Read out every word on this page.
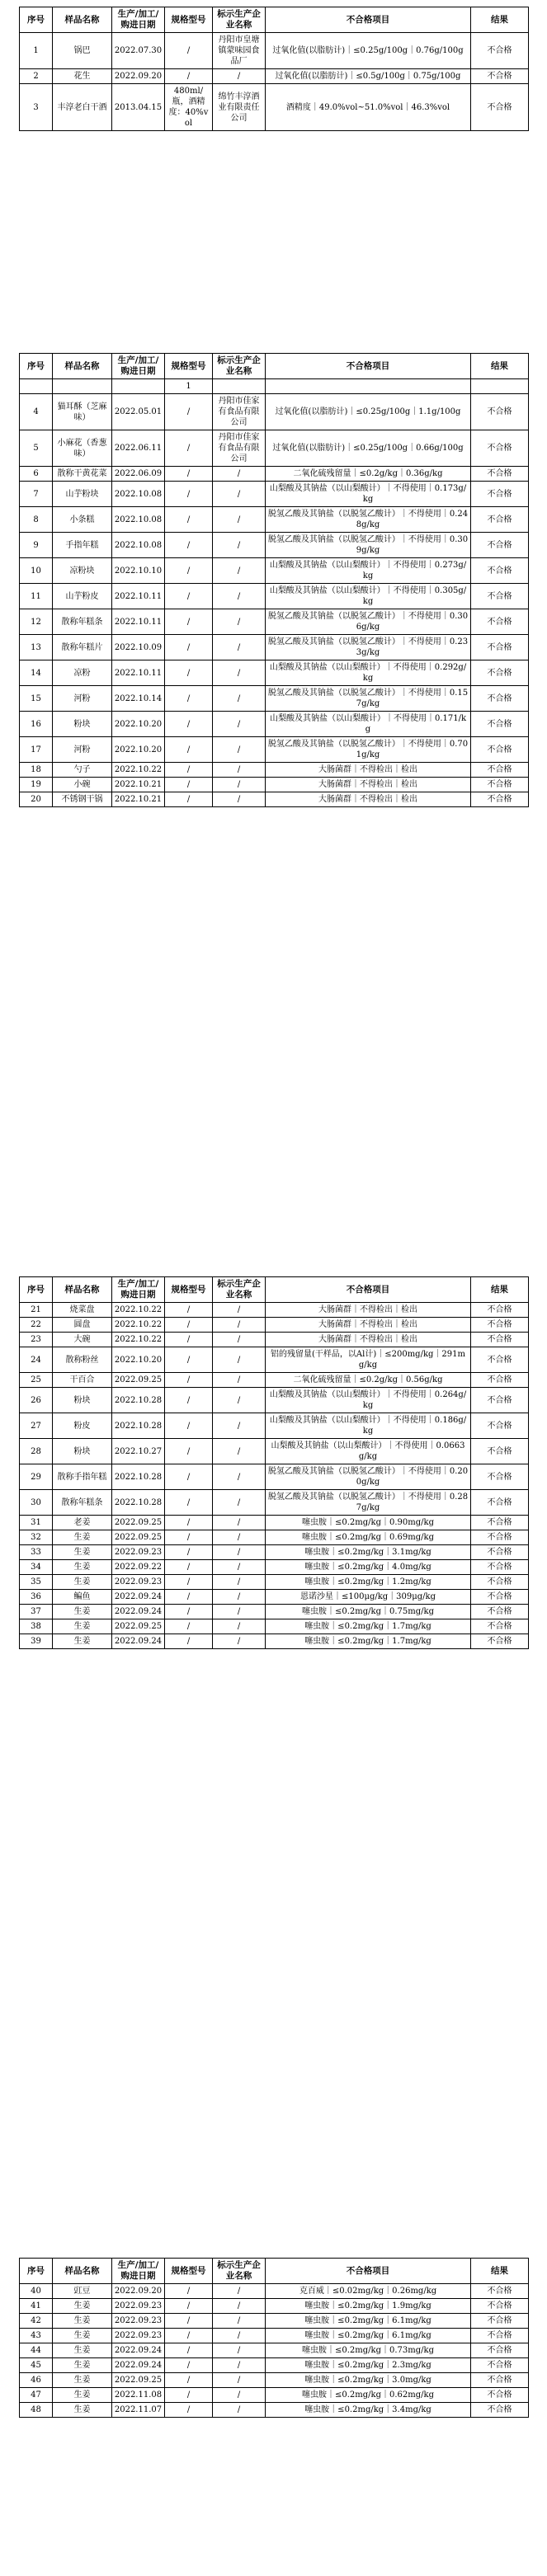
序号	样品名称	生产/加工/购进日期	规格型号	标示生产企业名称	不合格项目	结果
1	锅巴	2022.07.30	/	丹阳市皇塘镇蒙味园食品厂	过氧化值(以脂肪计)｜≤0.25g/100g｜0.76g/100g	不合格
2	花生	2022.09.20	/	/	过氧化值(以脂肪计)｜≤0.5g/100g｜0.75g/100g	不合格
3	丰淳老白干酒	2013.04.15	480ml/瓶，酒精度：40%vol	绵竹丰淳酒业有限责任公司	酒精度｜49.0%vol~51.0%vol｜46.3%vol	不合格
序号	样品名称	生产/加工/购进日期	规格型号	标示生产企业名称	不合格项目	结果
			1			
4	猫耳酥（芝麻味）	2022.05.01	/	丹阳市佳家有食品有限公司	过氧化值(以脂肪计)｜≤0.25g/100g｜1.1g/100g	不合格
5	小麻花（香葱味）	2022.06.11	/	丹阳市佳家有食品有限公司	过氧化值(以脂肪计)｜≤0.25g/100g｜0.66g/100g	不合格
6	散称干黄花菜	2022.06.09	/	/	二氧化硫残留量｜≤0.2g/kg｜0.36g/kg	不合格
7	山芋粉块	2022.10.08	/	/	山梨酸及其钠盐（以山梨酸计）｜不得使用｜0.173g/kg	不合格
8	小条糕	2022.10.08	/	/	脱氢乙酸及其钠盐（以脱氢乙酸计）｜不得使用｜0.248g/kg	不合格
9	手指年糕	2022.10.08	/	/	脱氢乙酸及其钠盐（以脱氢乙酸计）｜不得使用｜0.309g/kg	不合格
10	凉粉块	2022.10.10	/	/	山梨酸及其钠盐（以山梨酸计）｜不得使用｜0.273g/kg	不合格
11	山芋粉皮	2022.10.11	/	/	山梨酸及其钠盐（以山梨酸计）｜不得使用｜0.305g/kg	不合格
12	散称年糕条	2022.10.11	/	/	脱氢乙酸及其钠盐（以脱氢乙酸计）｜不得使用｜0.306g/kg	不合格
13	散称年糕片	2022.10.09	/	/	脱氢乙酸及其钠盐（以脱氢乙酸计）｜不得使用｜0.233g/kg	不合格
14	凉粉	2022.10.11	/	/	山梨酸及其钠盐（以山梨酸计）｜不得使用｜0.292g/kg	不合格
15	河粉	2022.10.14	/	/	脱氢乙酸及其钠盐（以脱氢乙酸计）｜不得使用｜0.157g/kg	不合格
16	粉块	2022.10.20	/	/	山梨酸及其钠盐（以山梨酸计）｜不得使用｜0.171/kg	不合格
17	河粉	2022.10.20	/	/	脱氢乙酸及其钠盐（以脱氢乙酸计）｜不得使用｜0.701g/kg	不合格
18	勺子	2022.10.22	/	/	大肠菌群｜不得检出｜检出	不合格
19	小碗	2022.10.21	/	/	大肠菌群｜不得检出｜检出	不合格
20	不锈钢干锅	2022.10.21	/	/	大肠菌群｜不得检出｜检出	不合格
序号	样品名称	生产/加工/购进日期	规格型号	标示生产企业名称	不合格项目	结果
21	烧菜盘	2022.10.22	/	/	大肠菌群｜不得检出｜检出	不合格
22	圆盘	2022.10.22	/	/	大肠菌群｜不得检出｜检出	不合格
23	大碗	2022.10.22	/	/	大肠菌群｜不得检出｜检出	不合格
24	散称粉丝	2022.10.20	/	/	铝的残留量(干样品，以Al计)｜≤200mg/kg｜291mg/kg	不合格
25	干百合	2022.09.25	/	/	二氧化硫残留量｜≤0.2g/kg｜0.56g/kg	不合格
26	粉块	2022.10.28	/	/	山梨酸及其钠盐（以山梨酸计）｜不得使用｜0.264g/kg	不合格
27	粉皮	2022.10.28	/	/	山梨酸及其钠盐（以山梨酸计）｜不得使用｜0.186g/kg	不合格
28	粉块	2022.10.27	/	/	山梨酸及其钠盐（以山梨酸计）｜不得使用｜0.0663g/kg	不合格
29	散称手指年糕	2022.10.28	/	/	脱氢乙酸及其钠盐（以脱氢乙酸计）｜不得使用｜0.200g/kg	不合格
30	散称年糕条	2022.10.28	/	/	脱氢乙酸及其钠盐（以脱氢乙酸计）｜不得使用｜0.287g/kg	不合格
31	老姜	2022.09.25	/	/	噻虫胺｜≤0.2mg/kg｜0.90mg/kg	不合格
32	生姜	2022.09.25	/	/	噻虫胺｜≤0.2mg/kg｜0.69mg/kg	不合格
33	生姜	2022.09.23	/	/	噻虫胺｜≤0.2mg/kg｜3.1mg/kg	不合格
34	生姜	2022.09.22	/	/	噻虫胺｜≤0.2mg/kg｜4.0mg/kg	不合格
35	生姜	2022.09.23	/	/	噻虫胺｜≤0.2mg/kg｜1.2mg/kg	不合格
36	鳊鱼	2022.09.24	/	/	恩诺沙星｜≤100μg/kg｜309μg/kg	不合格
37	生姜	2022.09.24	/	/	噻虫胺｜≤0.2mg/kg｜0.75mg/kg	不合格
38	生姜	2022.09.25	/	/	噻虫胺｜≤0.2mg/kg｜1.7mg/kg	不合格
39	生姜	2022.09.24	/	/	噻虫胺｜≤0.2mg/kg｜1.7mg/kg	不合格
序号	样品名称	生产/加工/购进日期	规格型号	标示生产企业名称	不合格项目	结果
40	豇豆	2022.09.20	/	/	克百威｜≤0.02mg/kg｜0.26mg/kg	不合格
41	生姜	2022.09.23	/	/	噻虫胺｜≤0.2mg/kg｜1.9mg/kg	不合格
42	生姜	2022.09.23	/	/	噻虫胺｜≤0.2mg/kg｜6.1mg/kg	不合格
43	生姜	2022.09.23	/	/	噻虫胺｜≤0.2mg/kg｜6.1mg/kg	不合格
44	生姜	2022.09.24	/	/	噻虫胺｜≤0.2mg/kg｜0.73mg/kg	不合格
45	生姜	2022.09.24	/	/	噻虫胺｜≤0.2mg/kg｜2.3mg/kg	不合格
46	生姜	2022.09.25	/	/	噻虫胺｜≤0.2mg/kg｜3.0mg/kg	不合格
47	生姜	2022.11.08	/	/	噻虫胺｜≤0.2mg/kg｜0.62mg/kg	不合格
48	生姜	2022.11.07	/	/	噻虫胺｜≤0.2mg/kg｜3.4mg/kg	不合格
